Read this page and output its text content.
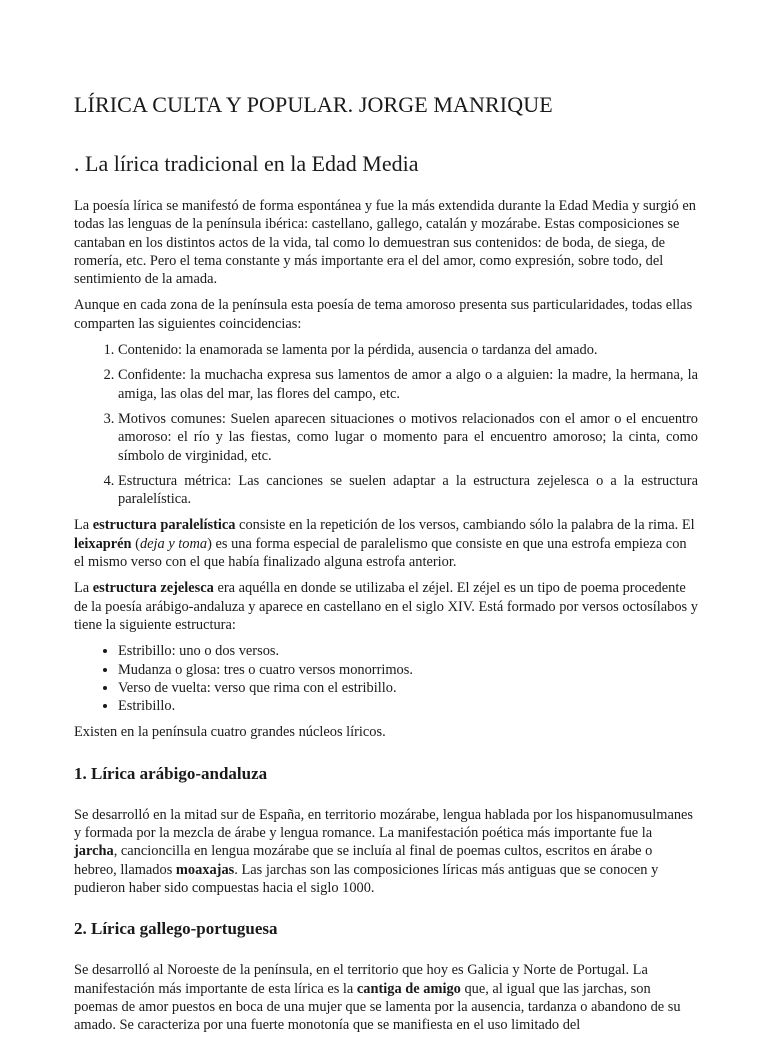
LÍRICA CULTA Y POPULAR. JORGE MANRIQUE
. La lírica tradicional en la Edad Media

La poesía lírica se manifestó de forma espontánea y fue la más extendida durante la Edad Media y surgió en todas las lenguas de la península ibérica: castellano, gallego, catalán y mozárabe. Estas composiciones se cantaban en los distintos actos de la vida, tal como lo demuestran sus contenidos: de boda, de siega, de romería, etc. Pero el tema constante y más importante era el del amor, como expresión, sobre todo, del sentimiento de la amada.

Aunque en cada zona de la península esta poesía de tema amoroso presenta sus particularidades, todas ellas comparten las siguientes coincidencias:

1. Contenido: la enamorada se lamenta por la pérdida, ausencia o tardanza del amado.
2. Confidente: la muchacha expresa sus lamentos de amor a algo o a alguien: la madre, la hermana, la amiga, las olas del mar, las flores del campo, etc.
3. Motivos comunes: Suelen aparecen situaciones o motivos relacionados con el amor o el encuentro amoroso: el río y las fiestas, como lugar o momento para el encuentro amoroso; la cinta, como símbolo de virginidad, etc.
4. Estructura métrica: Las canciones se suelen adaptar a la estructura zejelesca o a la estructura paralelística.

La estructura paralelística consiste en la repetición de los versos, cambiando sólo la palabra de la rima. El leixaprén (deja y toma) es una forma especial de paralelismo que consiste en que una estrofa empieza con el mismo verso con el que había finalizado alguna estrofa anterior.

La estructura zejelesca era aquélla en donde se utilizaba el zéjel. El zéjel es un tipo de poema procedente de la poesía arábigo-andaluza y aparece en castellano en el siglo XIV. Está formado por versos octosílabos y tiene la siguiente estructura:

• Estribillo: uno o dos versos.
• Mudanza o glosa: tres o cuatro versos monorrimos.
• Verso de vuelta: verso que rima con el estribillo.
• Estribillo.

Existen en la península cuatro grandes núcleos líricos.

1. Lírica arábigo-andaluza

Se desarrolló en la mitad sur de España, en territorio mozárabe, lengua hablada por los hispanomusulmanes y formada por la mezcla de árabe y lengua romance. La manifestación poética más importante fue la jarcha, cancioncilla en lengua mozárabe que se incluía al final de poemas cultos, escritos en árabe o hebreo, llamados moaxajas. Las jarchas son las composiciones líricas más antiguas que se conocen y pudieron haber sido compuestas hacia el siglo 1000.

2. Lírica gallego-portuguesa

Se desarrolló al Noroeste de la península, en el territorio que hoy es Galicia y Norte de Portugal. La manifestación más importante de esta lírica es la cantiga de amigo que, al igual que las jarchas, son poemas de amor puestos en boca de una mujer que se lamenta por la ausencia, tardanza o abandono de su amado. Se caracteriza por una fuerte monotonía que se manifiesta en el uso limitado del
